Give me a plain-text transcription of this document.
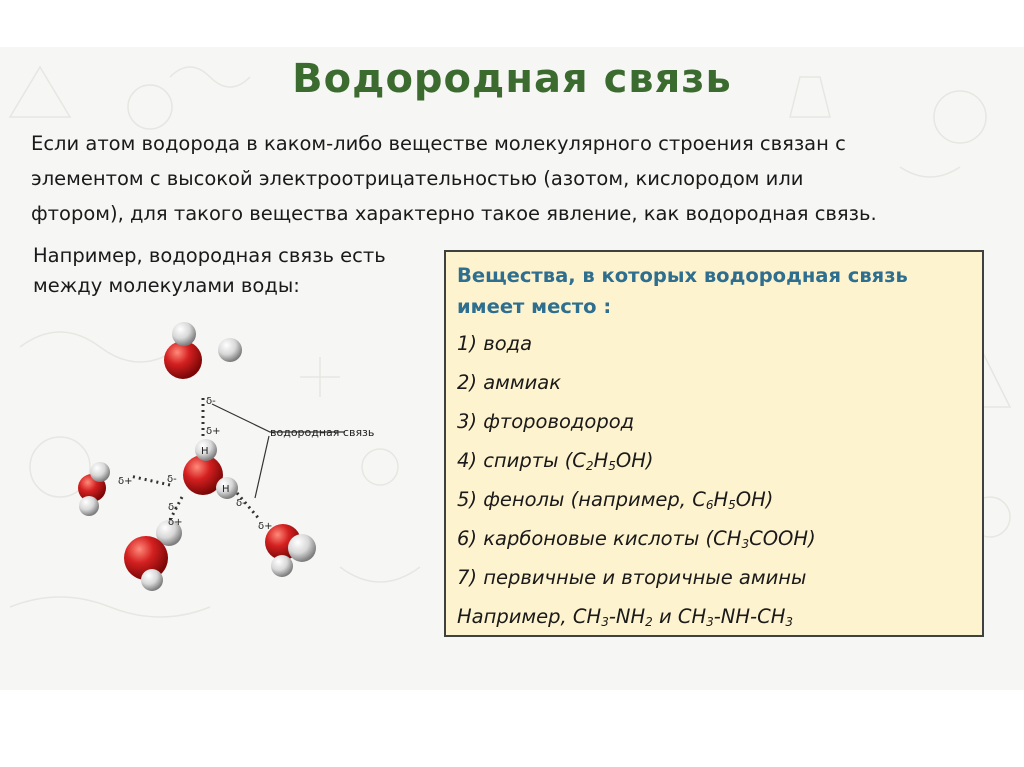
Водородная связь
Если атом водорода в каком-либо веществе молекулярного строения связан с
элементом с высокой электроотрицательностью (азотом, кислородом или
фтором), для такого вещества характерно такое явление, как водородная связь.
Например, водородная связь есть
между молекулами воды:
δ-
δ+
δ+	δ-
δ-
δ+
δ-
δ+
H
H
водородная связь
Вещества, в которых водородная связь
имеет место :
1) вода
2) аммиак
3) фтороводород
4) спирты $(C_2H_5OH)$
5) фенолы (например, $C_6H_5OH$)
6) карбоновые кислоты $(CH_3COOH)$
7) первичные и вторичные амины
Например, $CH_3-NH_2$ и $CH_3-NH-CH_3$
